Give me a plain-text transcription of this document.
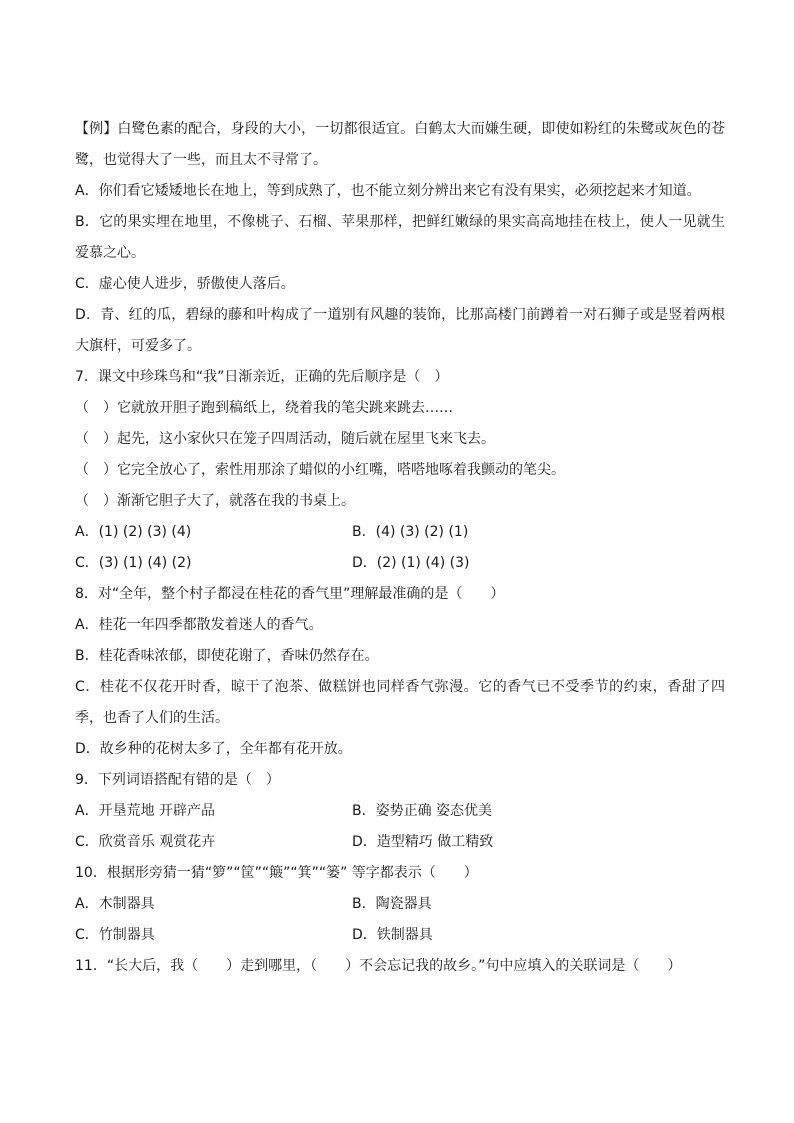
【例】白鹭色素的配合，身段的大小，一切都很适宜。白鹤太大而嫌生硬，即使如粉红的朱鹭或灰色的苍鹭，也觉得大了一些，而且太不寻常了。
A．你们看它矮矮地长在地上，等到成熟了，也不能立刻分辨出来它有没有果实，必须挖起来才知道。
B．它的果实埋在地里，不像桃子、石榴、苹果那样，把鲜红嫩绿的果实高高地挂在枝上，使人一见就生爱慕之心。
C．虚心使人进步，骄傲使人落后。
D．青、红的瓜，碧绿的藤和叶构成了一道别有风趣的装饰，比那高楼门前蹲着一对石狮子或是竖着两根大旗杆，可爱多了。
7．课文中珍珠鸟和“我”日渐亲近，正确的先后顺序是（　）
（　）它就放开胆子跑到稿纸上，绕着我的笔尖跳来跳去……
（　）起先，这小家伙只在笼子四周活动，随后就在屋里飞来飞去。
（　）它完全放心了，索性用那涂了蜡似的小红嘴，嗒嗒地啄着我颤动的笔尖。
（　）渐渐它胆子大了，就落在我的书桌上。
A．(1) (2) (3) (4)	B．(4) (3) (2) (1)
C．(3) (1) (4) (2)	D．(2) (1) (4) (3)
8．对“全年，整个村子都浸在桂花的香气里”理解最准确的是（　　）
A．桂花一年四季都散发着迷人的香气。
B．桂花香味浓郁，即使花谢了，香味仍然存在。
C．桂花不仅花开时香，晾干了泡茶、做糕饼也同样香气弥漫。它的香气已不受季节的约束，香甜了四季，也香了人们的生活。
D．故乡种的花树太多了，全年都有花开放。
9．下列词语搭配有错的是（　）
A．开垦荒地 开辟产品	B．姿势正确 姿态优美
C．欣赏音乐 观赏花卉	D．造型精巧 做工精致
10．根据形旁猜一猜“箩”“筐”“簸”“箕”“篓” 等字都表示（　　）
A．木制器具	B．陶瓷器具
C．竹制器具	D．铁制器具
11．“长大后，我（　　）走到哪里，（　　）不会忘记我的故乡。”句中应填入的关联词是（　　）
